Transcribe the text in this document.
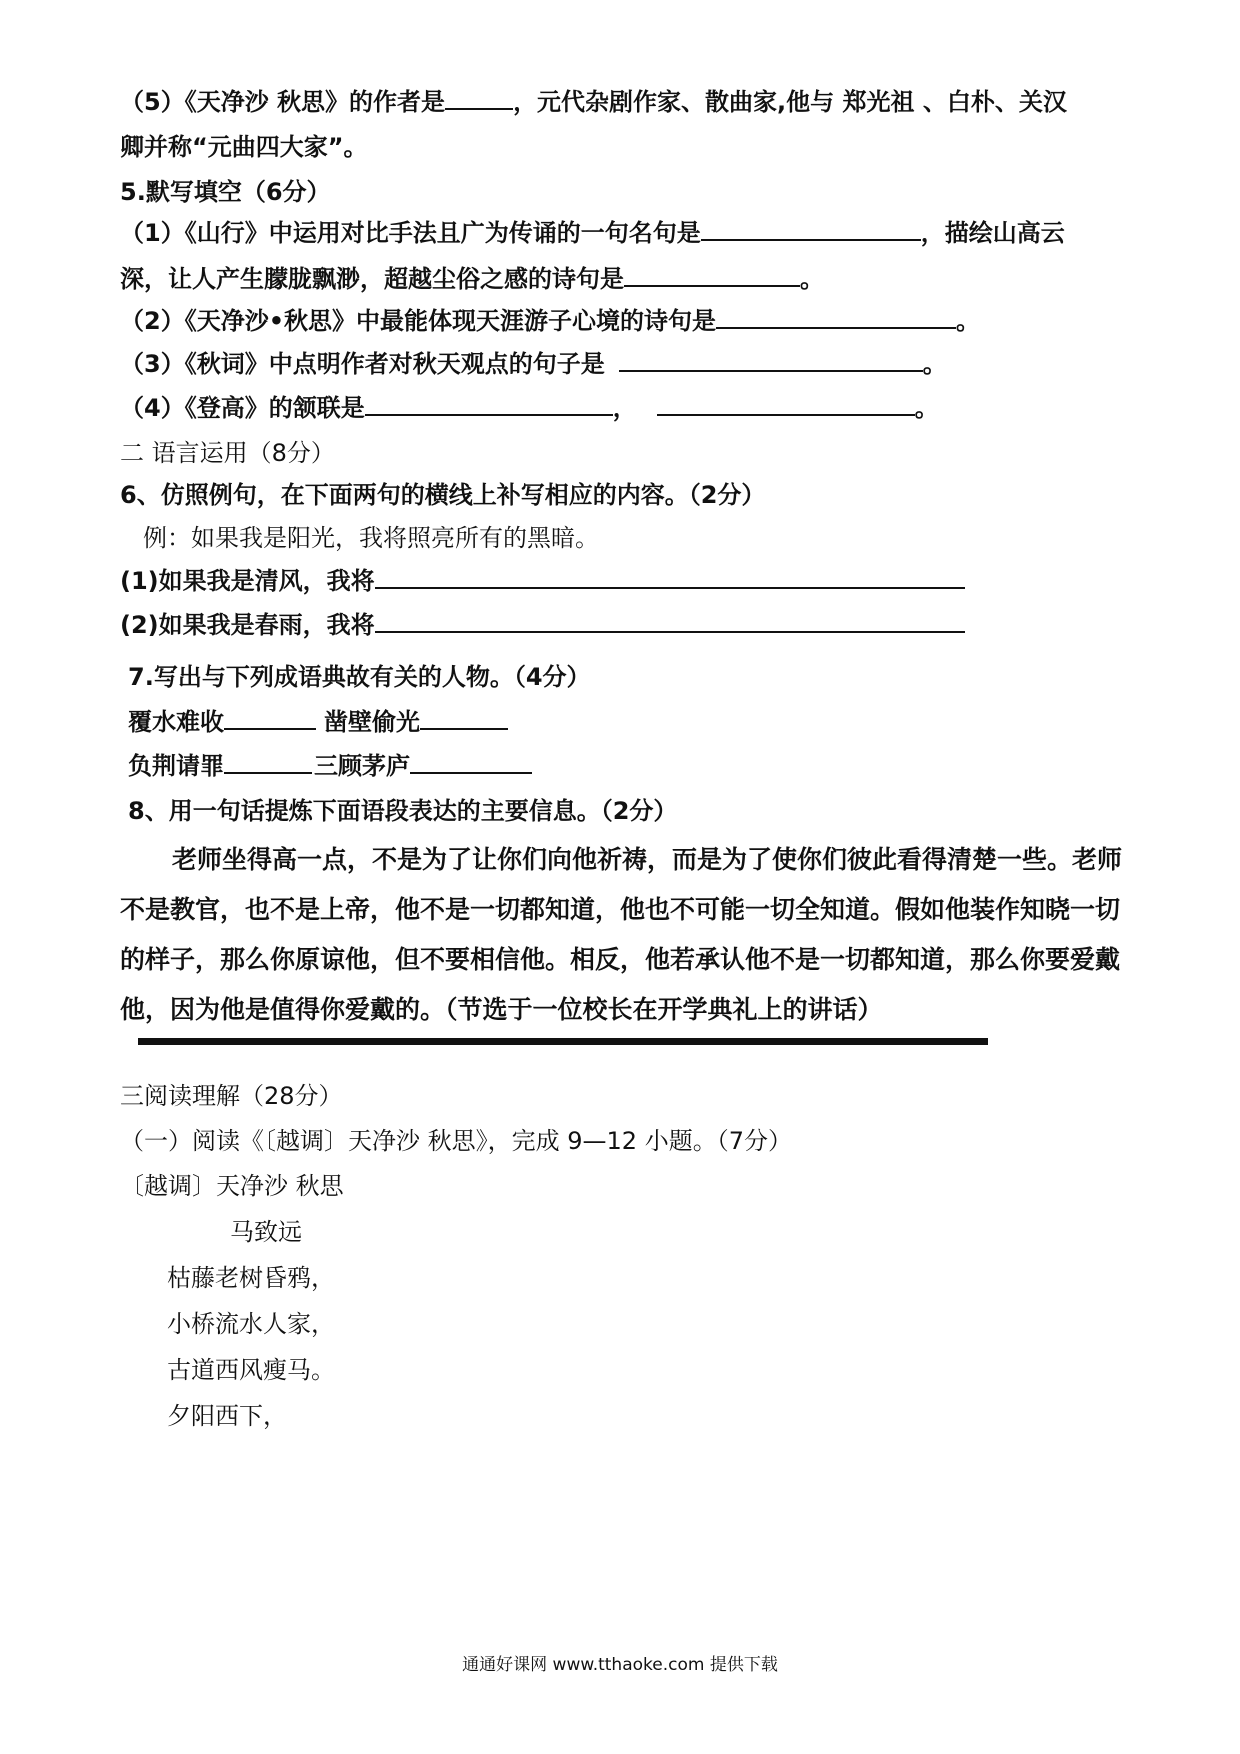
（5）《天净沙 秋思》的作者是	，元代杂剧作家、散曲家,他与 郑光祖 、白朴、关汉
卿并称“元曲四大家”。
5.默写填空（6分）
（1）《山行》中运用对比手法且广为传诵的一句名句是	，描绘山高云
深，让人产生朦胧飘渺，超越尘俗之感的诗句是	。
（2）《天净沙•秋思》中最能体现天涯游子心境的诗句是	。
（3）《秋词》中点明作者对秋天观点的句子是	。
（4）《登高》的颔联是	，	。
二 语言运用（8分）
6、仿照例句，在下面两句的横线上补写相应的内容。（2分）
例：如果我是阳光，我将照亮所有的黑暗。
(1)如果我是清风，我将
(2)如果我是春雨，我将
7.写出与下列成语典故有关的人物。（4分）
覆水难收	凿壁偷光
负荆请罪	三顾茅庐
8、用一句话提炼下面语段表达的主要信息。（2分）
老师坐得高一点，不是为了让你们向他祈祷，而是为了使你们彼此看得清楚一些。老师
不是教官，也不是上帝，他不是一切都知道，他也不可能一切全知道。假如他装作知晓一切
的样子，那么你原谅他，但不要相信他。相反，他若承认他不是一切都知道，那么你要爱戴
他，因为他是值得你爱戴的。（节选于一位校长在开学典礼上的讲话）
三阅读理解（28分）
（一）阅读《〔越调〕天净沙 秋思》，完成 9—12 小题。（7分）
〔越调〕天净沙 秋思
马致远
枯藤老树昏鸦，
小桥流水人家，
古道西风瘦马。
夕阳西下，
通通好课网 www.tthaoke.com 提供下载
